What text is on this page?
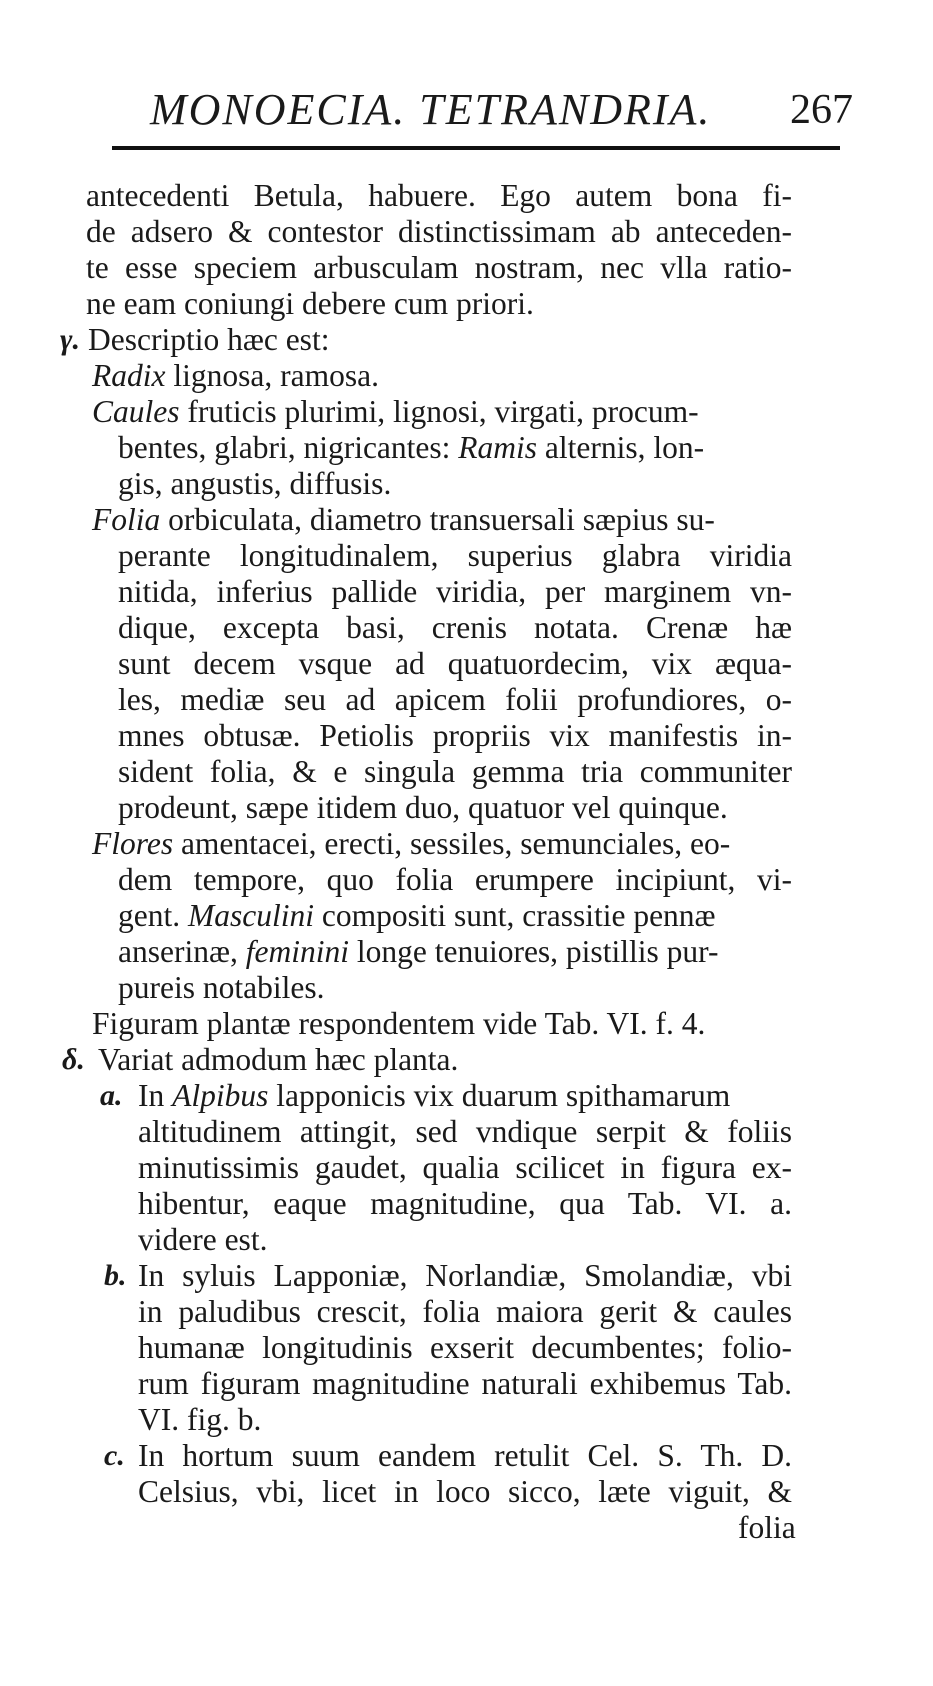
MONOECIA. TETRANDRIA. 267
antecedenti Betula, habuere. Ego autem bona fi-
de adsero & contestor distinctissimam ab anteceden-
te esse speciem arbusculam nostram, nec vlla ratio-
ne eam coniungi debere cum priori.
γ. Descriptio hæc est:
Radix lignosa, ramosa.
Caules fruticis plurimi, lignosi, virgati, procum-
bentes, glabri, nigricantes: Ramis alternis, lon-
gis, angustis, diffusis.
Folia orbiculata, diametro transuersali sæpius su-
perante longitudinalem, superius glabra viridia
nitida, inferius pallide viridia, per marginem vn-
dique, excepta basi, crenis notata. Crenæ hæ
sunt decem vsque ad quatuordecim, vix æqua-
les, mediæ seu ad apicem folii profundiores, o-
mnes obtusæ. Petiolis propriis vix manifestis in-
sident folia, & e singula gemma tria communiter
prodeunt, sæpe itidem duo, quatuor vel quinque.
Flores amentacei, erecti, sessiles, semunciales, eo-
dem tempore, quo folia erumpere incipiunt, vi-
gent. Masculini compositi sunt, crassitie pennæ
anserinæ, feminini longe tenuiores, pistillis pur-
pureis notabiles.
Figuram plantæ respondentem vide Tab. VI. f. 4.
δ. Variat admodum hæc planta.
a. In Alpibus lapponicis vix duarum spithamarum
altitudinem attingit, sed vndique serpit & foliis
minutissimis gaudet, qualia scilicet in figura ex-
hibentur, eaque magnitudine, qua Tab. VI. a.
videre est.
b. In syluis Lapponiæ, Norlandiæ, Smolandiæ, vbi
in paludibus crescit, folia maiora gerit & caules
humanæ longitudinis exserit decumbentes; folio-
rum figuram magnitudine naturali exhibemus Tab.
VI. fig. b.
c. In hortum suum eandem retulit Cel. S. Th. D.
Celsius, vbi, licet in loco sicco, læte viguit, &
folia
